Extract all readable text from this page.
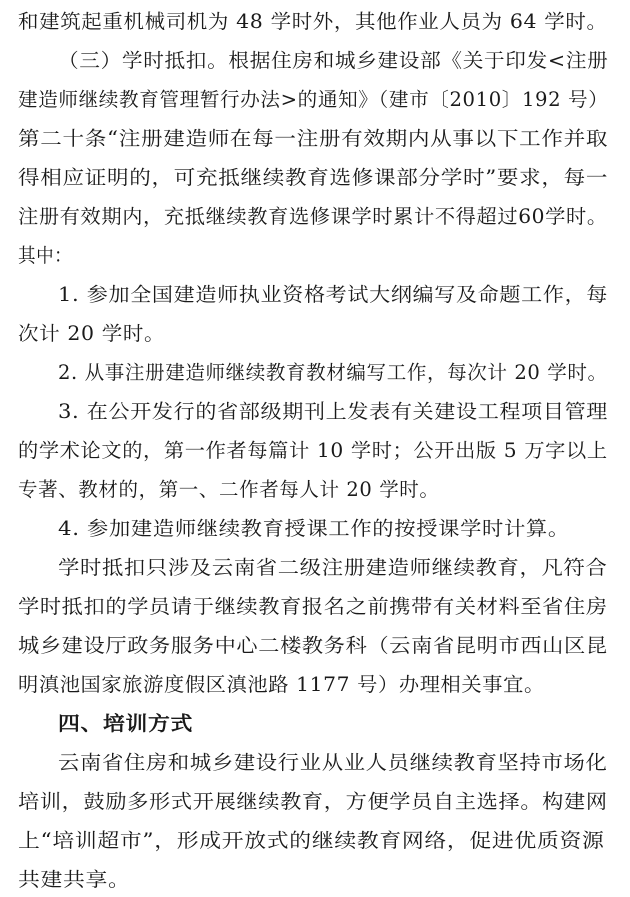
和建筑起重机械司机为 48 学时外，其他作业人员为 64 学时。
（三）学时抵扣。根据住房和城乡建设部《关于印发<注册
建造师继续教育管理暂行办法>的通知》（建市〔2010〕192 号）
第二十条“注册建造师在每一注册有效期内从事以下工作并取
得相应证明的，可充抵继续教育选修课部分学时”要求，每一
注册有效期内，充抵继续教育选修课学时累计不得超过60学时。
其中：
1. 参加全国建造师执业资格考试大纲编写及命题工作，每
次计 20 学时。
2. 从事注册建造师继续教育教材编写工作，每次计 20 学时。
3. 在公开发行的省部级期刊上发表有关建设工程项目管理
的学术论文的，第一作者每篇计 10 学时；公开出版 5 万字以上
专著、教材的，第一、二作者每人计 20 学时。
4. 参加建造师继续教育授课工作的按授课学时计算。
学时抵扣只涉及云南省二级注册建造师继续教育，凡符合
学时抵扣的学员请于继续教育报名之前携带有关材料至省住房
城乡建设厅政务服务中心二楼教务科（云南省昆明市西山区昆
明滇池国家旅游度假区滇池路 1177 号）办理相关事宜。
四、培训方式
云南省住房和城乡建设行业从业人员继续教育坚持市场化
培训，鼓励多形式开展继续教育，方便学员自主选择。构建网
上“培训超市”，形成开放式的继续教育网络，促进优质资源
共建共享。
